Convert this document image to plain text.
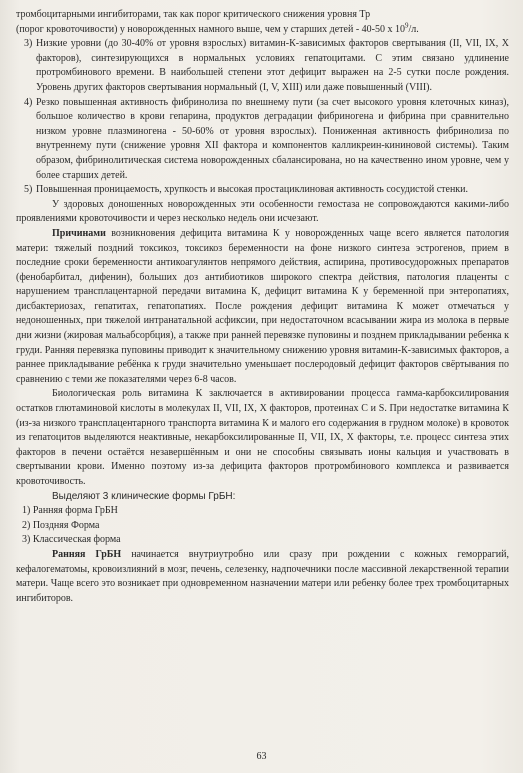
тромбоцитарными ингибиторами, так как порог критического снижения уровня Тр
(порог кровоточивости) у новорожденных намного выше, чем у старших детей - 40-50 х $10^9/л$.

3) Низкие уровни (до 30-40% от уровня взрослых) витамин-К-зависимых факторов свертывания (II, VII, IX, X факторов), синтезирующихся в нормальных условиях гепатоцитами. С этим связано удлинение протромбинового времени. В наибольшей степени этот дефицит выражен на 2-5 сутки после рождения. Уровень других факторов свертывания нормальный (I, V, XIII) или даже повышенный (VIII).
4) Резко повышенная активность фибринолиза по внешнему пути (за счет высокого уровня клеточных киназ), большое количество в крови гепарина, продуктов деградации фибриногена и фибрина при сравнительно низком уровне плазминогена - 50-60% от уровня взрослых). Пониженная активность фибринолиза по внутреннему пути (снижение уровня XII фактора и компонентов калликреин-кининовой системы). Таким образом, фибринолитическая система новорожденных сбалансирована, но на качественно ином уровне, чем у более старших детей.
5) Повышенная проницаемость, хрупкость и высокая простациклиновая активность сосудистой стенки.

У здоровых доношенных новорожденных эти особенности гемостаза не сопровождаются какими-либо проявлениями кровоточивости и через несколько недель они исчезают.

Причинами возникновения дефицита витамина К у новорожденных чаще всего является патология матери: тяжелый поздний токсикоз, токсикоз беременности на фоне низкого синтеза эстрогенов, прием в последние сроки беременности антикоагулянтов непрямого действия, аспирина, противосудорожных препаратов (фенобарбитал, дифенин), больших доз антибиотиков широкого спектра действия, патология плаценты с нарушением трансплацентарной передачи витамина К, дефицит витамина К у беременной при энтеропатиях, дисбактериозах, гепатитах, гепатопатиях. После рождения дефицит витамина К может отмечаться у недоношенных, при тяжелой интранатальной асфиксии, при недостаточном всасывании жира из молока в первые дни жизни (жировая мальабсорбция), а также при ранней перевязке пуповины и позднем прикладывании ребенка к груди. Ранняя перевязка пуповины приводит к значительному снижению уровня витамин-К-зависимых факторов, а раннее прикладывание ребёнка к груди значительно уменьшает послеродовый дефицит факторов свёртывания по сравнению с теми же показателями через 6-8 часов.

Биологическая роль витамина К заключается в активировании процесса гамма-карбоксилирования остатков глютаминовой кислоты в молекулах II, VII, IX, X факторов, протеинах С и S. При недостатке витамина К (из-за низкого трансплацентарного транспорта витамина К и малого его содержания в грудном молоке) в кровоток из гепатоцитов выделяются неактивные, некарбоксилированные II, VII, IX, X факторы, т.е. процесс синтеза этих факторов в печени остаётся незавершённым и они не способны связывать ионы кальция и участвовать в свертывании крови. Именно поэтому из-за дефицита факторов протромбинового комплекса и развивается кровоточивость.

Выделяют 3 клинические формы ГрБН:

1) Ранняя форма ГрБН
2) Поздняя Форма
3) Классическая форма

Ранняя ГрБН начинается внутриутробно или сразу при рождении с кожных геморрагий, кефалогематомы, кровоизлияний в мозг, печень, селезенку, надпочечники после массивной лекарственной терапии матери. Чаще всего это возникает при одновременном назначении матери или ребенку более трех тромбоцитарных ингибиторов.

63
